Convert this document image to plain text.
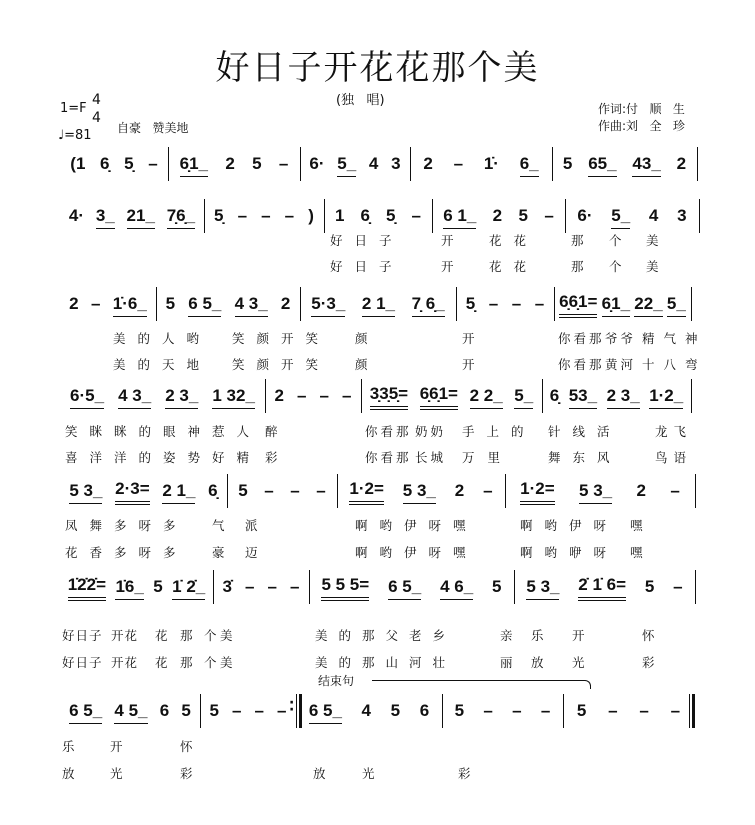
好日子开花花那个美
(独   唱)
1=F
4
4
♩=81 自豪   赞美地
作词:付   顺   生
作曲:刘   全   珍
结束句
(1 6̣ 5̣ – 6̣1_ 2 5 – 6· 5_ 4 3 2 – 1̇· 6_ 5 65_ 43_ 2
4· 3_ 21_ 7̣6̣_ 5̣ – – – ) 1 6̣ 5̣ – 6 1_ 2 5 – 6· 5_ 4 3
好日子	开 花花	那 个 美
好日子	开 花花	那 个 美
2 – 1̇·6_ 5 6 5_ 4 3_ 2 5·3_ 2 1_ 7̣ 6̣_ 5̣ – – – 6̣6̣1= 6̣1_ 22_ 5_
美的人哟 笑颜开笑 颜	开	你看那 爷爷 精气神
美的天地 笑颜开笑 颜	开	你看那 黄河 十八弯
6·5_ 4 3_ 2 3_ 1 32_ 2 – – – 3̣3̣5̣= 6̣6̣1= 2 2_ 5_ 6̣ 53_ 2 3_ 1·2_
笑眯眯的眼神惹人 醉	你看那 奶奶 手上的 针线活	龙飞
喜洋洋的姿势好精 彩	你看那 长城 万里	舞东风	鸟语
5 3_ 2·3= 2 1_ 6̣ 5 – – – 1·2= 5 3_ 2 – 1·2= 5 3_ 2 –
凤舞多呀多 气 派	啊哟伊呀嘿	啊哟伊呀 嘿
花香多呀多 豪 迈	啊哟伊呀嘿	啊哟咿呀 嘿
1̇2̇2̇= 1̇6_ 5 1̇ 2̇_ 3̇ – – – 5 5 5= 6 5_ 4 6_ 5 5 3_ 2̇ 1̇ 6= 5 –
好日子 开花 花 那 个 美	美的那父老乡	亲 乐 开	怀
好日子 开花 花 那 个 美	美的那山河壮	丽 放 光	彩
6 5_ 4 5_ 6 5 5 – – – 6 5_ 4 5 6 5 – – – 5 – – –
乐	开	怀
放	光	彩	放	光	彩
·
·
